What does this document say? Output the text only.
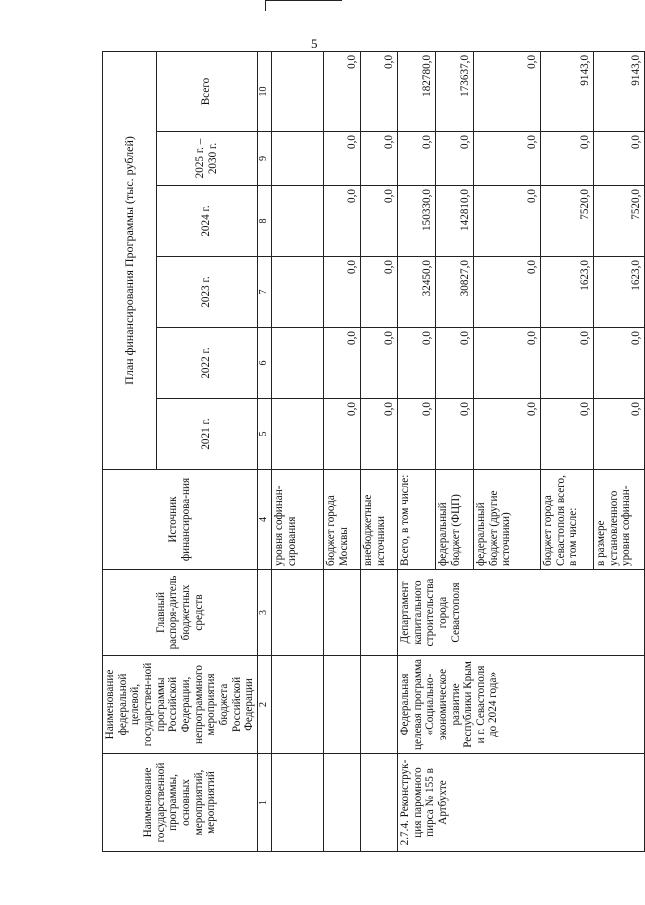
5
Наименование государственной программы, основных мероприятий, мероприятий	Наименование федеральной целевой, государствен-ной программы Российской Федерации, непрограммного мероприятия бюджета Российской Федерации	Главный распоря-дитель бюджетных средств	Источник финансирова-ния	План финансирования Программы (тыс. рублей)					
				2021 г.	2022 г.	2023 г.	2024 г.	2025 г. – 2030 г.	Всего
1	2	3	4	5	6	7	8	9	10
			уровня софинан-сирования						
			бюджет города Москвы	0,0	0,0	0,0	0,0	0,0	0,0
			внебюджетные источники	0,0	0,0	0,0	0,0	0,0	0,0
2.7.4. Реконструк-ция паромного пирса № 155 в Артбухте	Федеральная целевая программа «Социально-экономическое развитие Республики Крым и г. Севастополя до 2024 года»	Департамент капитального строительства города Севастополя	Всего, в том числе:	0,0	0,0	32450,0	150330,0	0,0	182780,0
			федеральный бюджет (ФЦП)	0,0	0,0	30827,0	142810,0	0,0	173637,0
			федеральный бюджет (другие источники)	0,0	0,0	0,0	0,0	0,0	0,0
			бюджет города Севастополя всего, в том числе:	0,0	0,0	1623,0	7520,0	0,0	9143,0
			в размере установленного уровня софинан-	0,0	0,0	1623,0	7520,0	0,0	9143,0
